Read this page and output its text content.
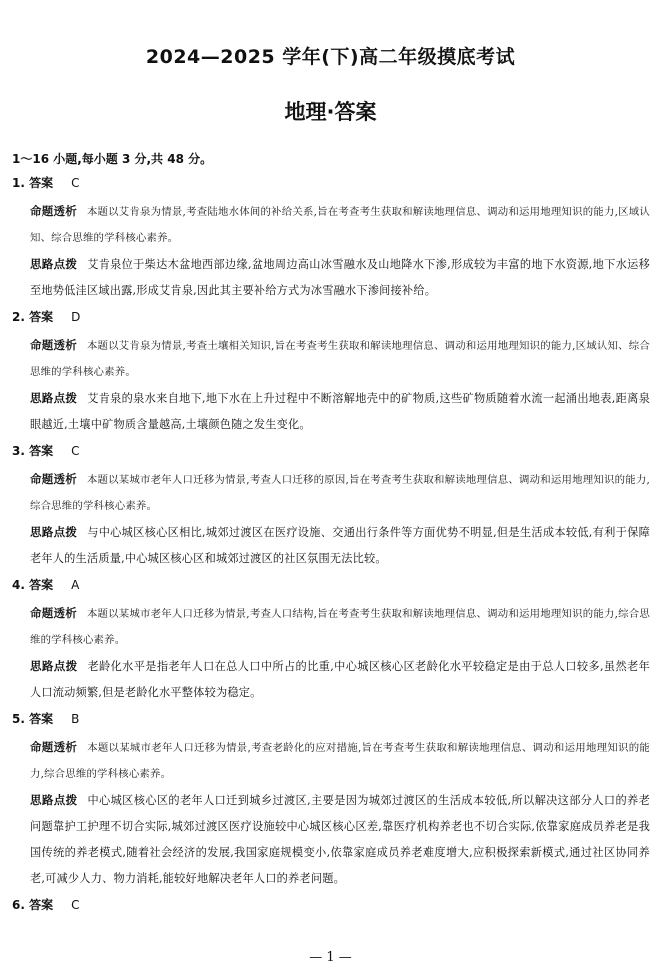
2024—2025 学年(下)高二年级摸底考试
地理·答案
1～16 小题,每小题 3 分,共 48 分。
1. 答案 C

命题透析 本题以艾肯泉为情景,考查陆地水体间的补给关系,旨在考查考生获取和解读地理信息、调动和运用地理知识的能力,区域认知、综合思维的学科核心素养。

思路点拨 艾肯泉位于柴达木盆地西部边缘,盆地周边高山冰雪融水及山地降水下渗,形成较为丰富的地下水资源,地下水运移至地势低洼区域出露,形成艾肯泉,因此其主要补给方式为冰雪融水下渗间接补给。

2. 答案 D

命题透析 本题以艾肯泉为情景,考查土壤相关知识,旨在考查考生获取和解读地理信息、调动和运用地理知识的能力,区域认知、综合思维的学科核心素养。

思路点拨 艾肯泉的泉水来自地下,地下水在上升过程中不断溶解地壳中的矿物质,这些矿物质随着水流一起涌出地表,距离泉眼越近,土壤中矿物质含量越高,土壤颜色随之发生变化。

3. 答案 C

命题透析 本题以某城市老年人口迁移为情景,考查人口迁移的原因,旨在考查考生获取和解读地理信息、调动和运用地理知识的能力,综合思维的学科核心素养。

思路点拨 与中心城区核心区相比,城郊过渡区在医疗设施、交通出行条件等方面优势不明显,但是生活成本较低,有利于保障老年人的生活质量,中心城区核心区和城郊过渡区的社区氛围无法比较。

4. 答案 A

命题透析 本题以某城市老年人口迁移为情景,考查人口结构,旨在考查考生获取和解读地理信息、调动和运用地理知识的能力,综合思维的学科核心素养。

思路点拨 老龄化水平是指老年人口在总人口中所占的比重,中心城区核心区老龄化水平较稳定是由于总人口较多,虽然老年人口流动频繁,但是老龄化水平整体较为稳定。

5. 答案 B

命题透析 本题以某城市老年人口迁移为情景,考查老龄化的应对措施,旨在考查考生获取和解读地理信息、调动和运用地理知识的能力,综合思维的学科核心素养。

思路点拨 中心城区核心区的老年人口迁到城乡过渡区,主要是因为城郊过渡区的生活成本较低,所以解决这部分人口的养老问题靠护工护理不切合实际,城郊过渡区医疗设施较中心城区核心区差,靠医疗机构养老也不切合实际,依靠家庭成员养老是我国传统的养老模式,随着社会经济的发展,我国家庭规模变小,依靠家庭成员养老难度增大,应积极探索新模式,通过社区协同养老,可减少人力、物力消耗,能较好地解决老年人口的养老问题。

6. 答案 C
— 1 —
